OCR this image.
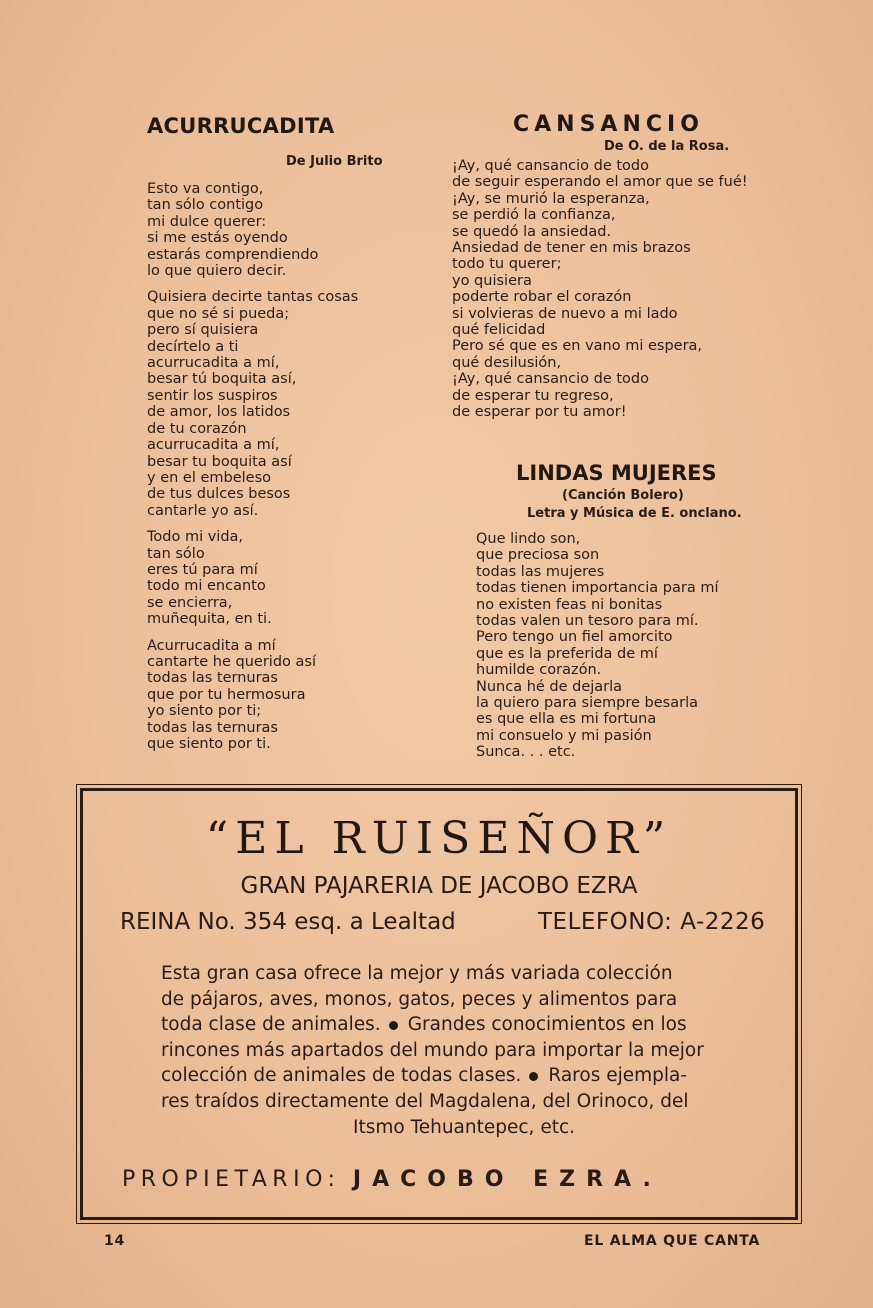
ACURRUCADITA
De Julio Brito
Esto va contigo,
tan sólo contigo
mi dulce querer:
si me estás oyendo
estarás comprendiendo
lo que quiero decir.
Quisiera decirte tantas cosas
que no sé si pueda;
pero sí quisiera
decírtelo a ti
acurrucadita a mí,
besar tú boquita así,
sentir los suspiros
de amor, los latidos
de tu corazón
acurrucadita a mí,
besar tu boquita así
y en el embeleso
de tus dulces besos
cantarle yo así.
Todo mi vida,
tan sólo
eres tú para mí
todo mi encanto
se encierra,
muñequita, en ti.
Acurrucadita a mí
cantarte he querido así
todas las ternuras
que por tu hermosura
yo siento por ti;
todas las ternuras
que siento por ti.
CANSANCIO
De O. de la Rosa.
¡Ay, qué cansancio de todo
de seguir esperando el amor que se fué!
¡Ay, se murió la esperanza,
se perdió la confianza,
se quedó la ansiedad.
Ansiedad de tener en mis brazos
todo tu querer;
yo quisiera
poderte robar el corazón
si volvieras de nuevo a mi lado
qué felicidad
Pero sé que es en vano mi espera,
qué desilusión,
¡Ay, qué cansancio de todo
de esperar tu regreso,
de esperar por tu amor!
LINDAS MUJERES
(Canción Bolero)
Letra y Música de E. onclano.
Que lindo son,
que preciosa son
todas las mujeres
todas tienen importancia para mí
no existen feas ni bonitas
todas valen un tesoro para mí.
Pero tengo un fiel amorcito
que es la preferida de mí
humilde corazón.
Nunca hé de dejarla
la quiero para siempre besarla
es que ella es mi fortuna
mi consuelo y mi pasión
Sunca. . . etc.
“EL RUISEÑOR”
GRAN PAJARERIA DE JACOBO EZRA
REINA No. 354 esq. a Lealtad	TELEFONO: A-2226
Esta gran casa ofrece la mejor y más variada colección
de pájaros, aves, monos, gatos, peces y alimentos para
toda clase de animales. Grandes conocimientos en los
rincones más apartados del mundo para importar la mejor
colección de animales de todas clases. Raros ejempla-
res traídos directamente del Magdalena, del Orinoco, del
Itsmo Tehuantepec, etc.
PROPIETARIO: JACOBO EZRA.
14	EL ALMA QUE CANTA
